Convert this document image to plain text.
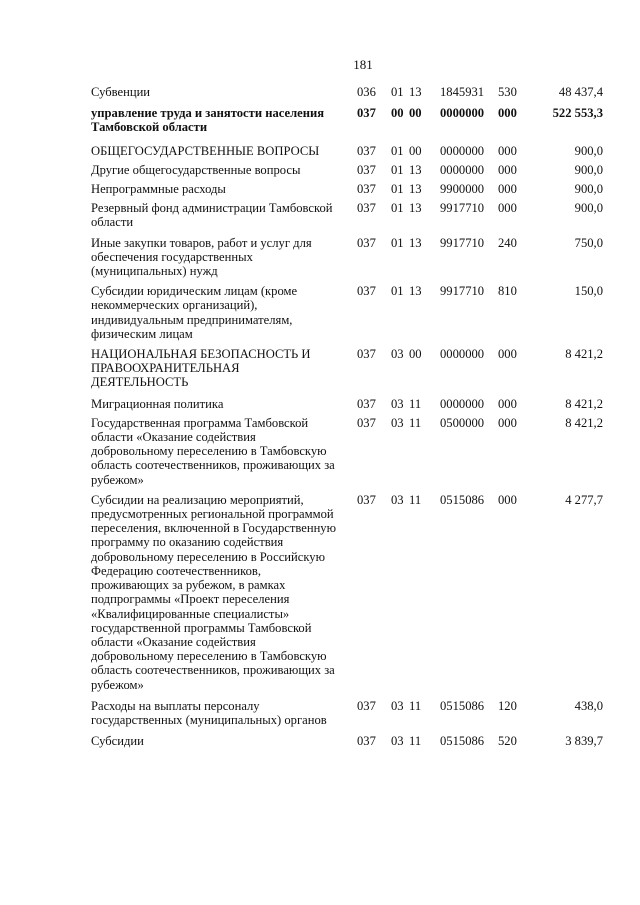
181
Субвенции	036 01 13 1845931 530	48 437,4
управление труда и занятости населения Тамбовской области
037 00 00 0000000 000	522 553,3
ОБЩЕГОСУДАРСТВЕННЫЕ ВОПРОСЫ	037 01 00 0000000 000	900,0
Другие общегосударственные вопросы	037 01 13 0000000 000	900,0
Непрограммные расходы	037 01 13 9900000 000	900,0
Резервный фонд администрации Тамбовской области
037 01 13 9917710 000	900,0
Иные закупки товаров, работ и услуг для обеспечения государственных (муниципальных) нужд
037 01 13 9917710 240	750,0
Субсидии юридическим лицам (кроме некоммерческих организаций), индивидуальным предпринимателям, физическим лицам
037 01 13 9917710 810	150,0
НАЦИОНАЛЬНАЯ БЕЗОПАСНОСТЬ И ПРАВООХРАНИТЕЛЬНАЯ ДЕЯТЕЛЬНОСТЬ
037 03 00 0000000 000	8 421,2
Миграционная политика	037 03 11 0000000 000	8 421,2
Государственная программа Тамбовской области «Оказание содействия добровольному переселению в Тамбовскую область соотечественников, проживающих за рубежом»
037 03 11 0500000 000	8 421,2
Субсидии на реализацию мероприятий, предусмотренных региональной программой переселения, включенной в Государственную программу по оказанию содействия добровольному переселению в Российскую Федерацию соотечественников, проживающих за рубежом, в рамках подпрограммы «Проект переселения «Квалифицированные специалисты» государственной программы Тамбовской области «Оказание содействия добровольному переселению в Тамбовскую область соотечественников, проживающих за рубежом»
037 03 11 0515086 000	4 277,7
Расходы на выплаты персоналу государственных (муниципальных) органов
037 03 11 0515086 120	438,0
Субсидии	037 03 11 0515086 520	3 839,7
